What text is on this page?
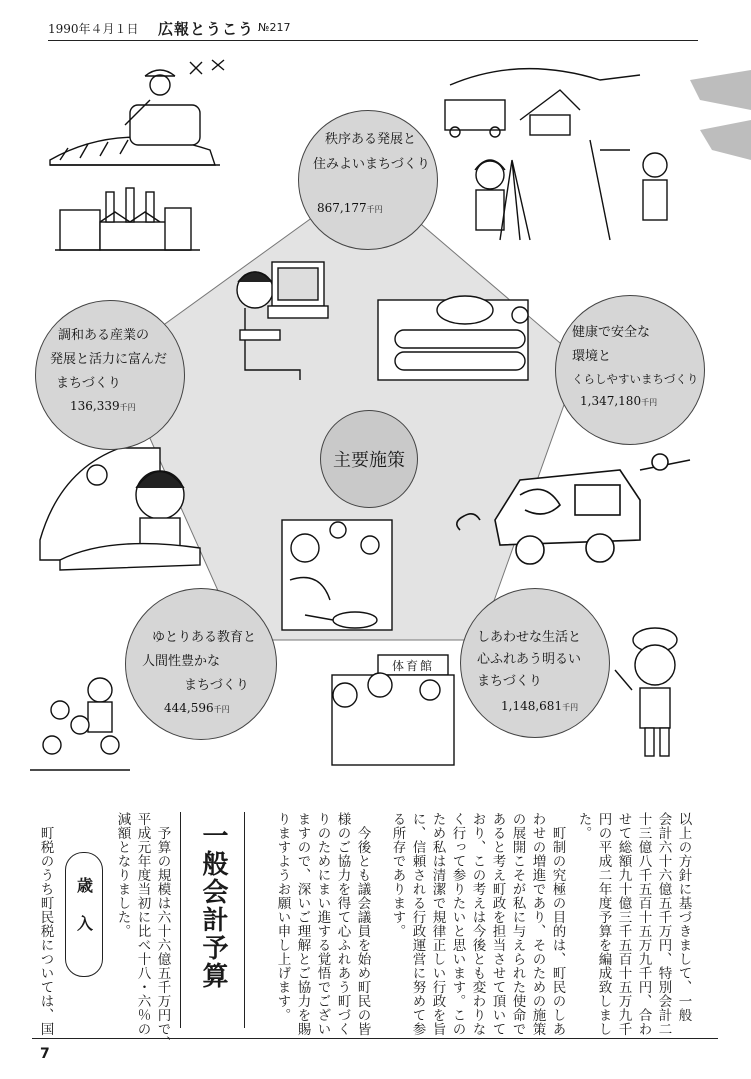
1990年４月１日 広報とうこう №217
秩序ある発展と
住みよいまちづくり
867,177千円
健康で安全な
環境と
くらしやすいまちづくり
1,347,180千円
しあわせな生活と
心ふれあう明るい
まちづくり
1,148,681千円
ゆとりある教育と
人間性豊かな
まちづくり
444,596千円
調和ある産業の
発展と活力に富んだ
まちづくり
136,339千円
主要施策
体育館
以上の方針に基づきまして、一般
会計六十六億五千万円、特別会計二
十三億八千五百十五万九千円、合わ
せて総額九十億三千五百十五万九千
円の平成二年度予算を編成致しまし
た。
　町制の究極の目的は、町民のしあ
わせの増進であり、そのための施策
の展開こそが私に与えられた使命で
あると考え町政を担当させて頂いて
おり、この考えは今後とも変わりな
く行って参りたいと思います。この
ため私は清潔で規律正しい行政を旨
に、信頼される行政運営に努めて参
る所存であります。
　今後とも議会議員を始め町民の皆
様のご協力を得て心ふれあう町づく
りのためにまい進する覚悟でござい
ますので、深いご理解とご協力を賜
りますようお願い申し上げます。
一般会計予算
　予算の規模は六十六億五千万円で、
平成元年度当初に比べ十八・六％の
減額となりました。
歳入
　町税のうち町民税については、国
7
